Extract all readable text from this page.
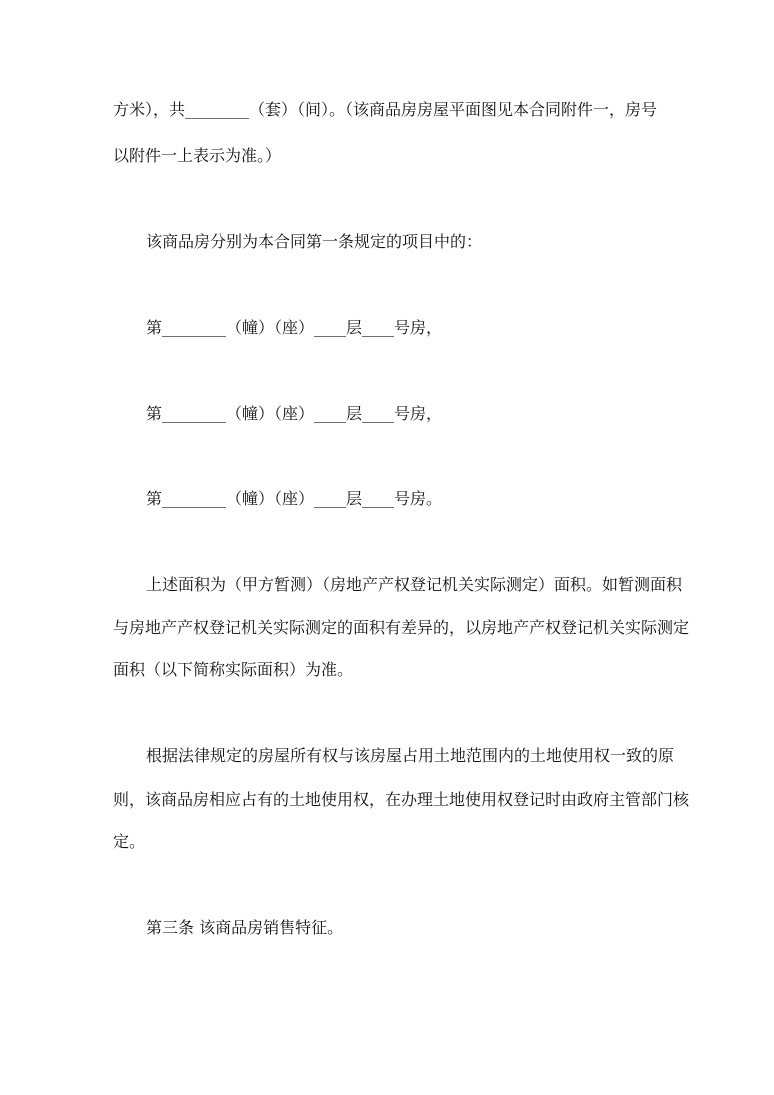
方米），共________（套）（间）。（该商品房房屋平面图见本合同附件一，房号
以附件一上表示为准。）
该商品房分别为本合同第一条规定的项目中的：
第________（幢）（座）____层____号房，
第________（幢）（座）____层____号房，
第________（幢）（座）____层____号房。
上述面积为（甲方暂测）（房地产产权登记机关实际测定）面积。如暂测面积
与房地产产权登记机关实际测定的面积有差异的，以房地产产权登记机关实际测定
面积（以下简称实际面积）为准。
根据法律规定的房屋所有权与该房屋占用土地范围内的土地使用权一致的原
则，该商品房相应占有的土地使用权，在办理土地使用权登记时由政府主管部门核
定。
第三条 该商品房销售特征。
